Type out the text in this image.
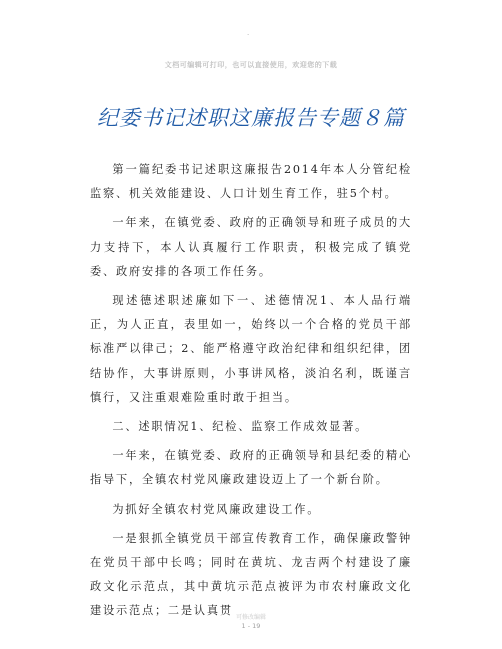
.
文档可编辑可打印，也可以直接使用，欢迎您的下载
纪委书记述职这廉报告专题８篇

第一篇纪委书记述职这廉报告2014年本人分管纪检监察、机关效能建设、人口计划生育工作，驻5个村。

一年来，在镇党委、政府的正确领导和班子成员的大力支持下，本人认真履行工作职责，积极完成了镇党委、政府安排的各项工作任务。

现述德述职述廉如下一、述德情况1、本人品行端正，为人正直，表里如一，始终以一个合格的党员干部标准严以律己；2、能严格遵守政治纪律和组织纪律，团结协作，大事讲原则，小事讲风格，淡泊名利，既谨言慎行，又注重艰难险重时敢于担当。

二、述职情况1、纪检、监察工作成效显著。

一年来，在镇党委、政府的正确领导和县纪委的精心指导下，全镇农村党风廉政建设迈上了一个新台阶。

为抓好全镇农村党风廉政建设工作。

一是狠抓全镇党员干部宣传教育工作，确保廉政警钟在党员干部中长鸣；同时在黄坑、龙吉两个村建设了廉政文化示范点，其中黄坑示范点被评为市农村廉政文化建设示范点；二是认真贯

可修改编辑
1 - 19
